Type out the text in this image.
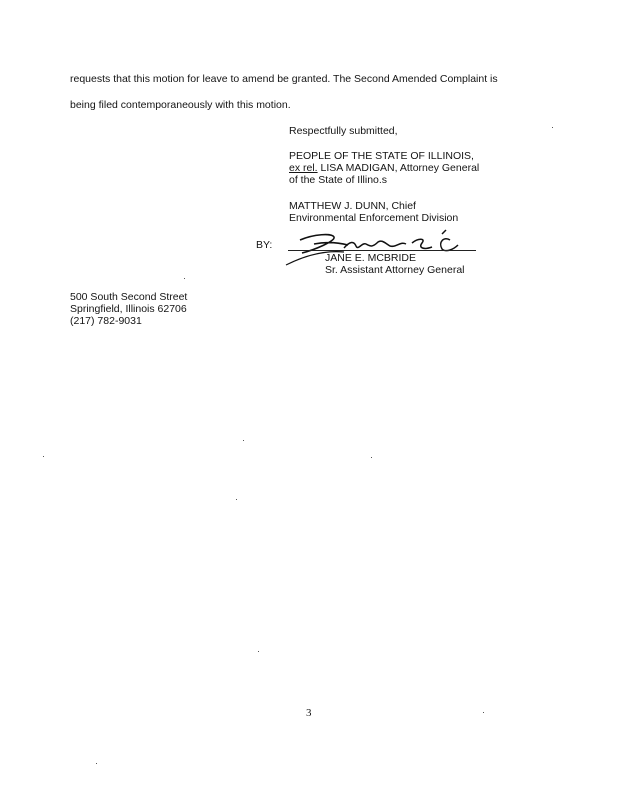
requests that this motion for leave to amend be granted. The Second Amended Complaint is
being filed contemporaneously with this motion.
Respectfully submitted,
PEOPLE OF THE STATE OF ILLINOIS,
ex rel. LISA MADIGAN, Attorney General
of the State of Illino.s
MATTHEW J. DUNN, Chief
Environmental Enforcement Division
BY:
JANE E. MCBRIDE
Sr. Assistant Attorney General
500 South Second Street
Springfield, Illinois 62706
(217) 782-9031
3
